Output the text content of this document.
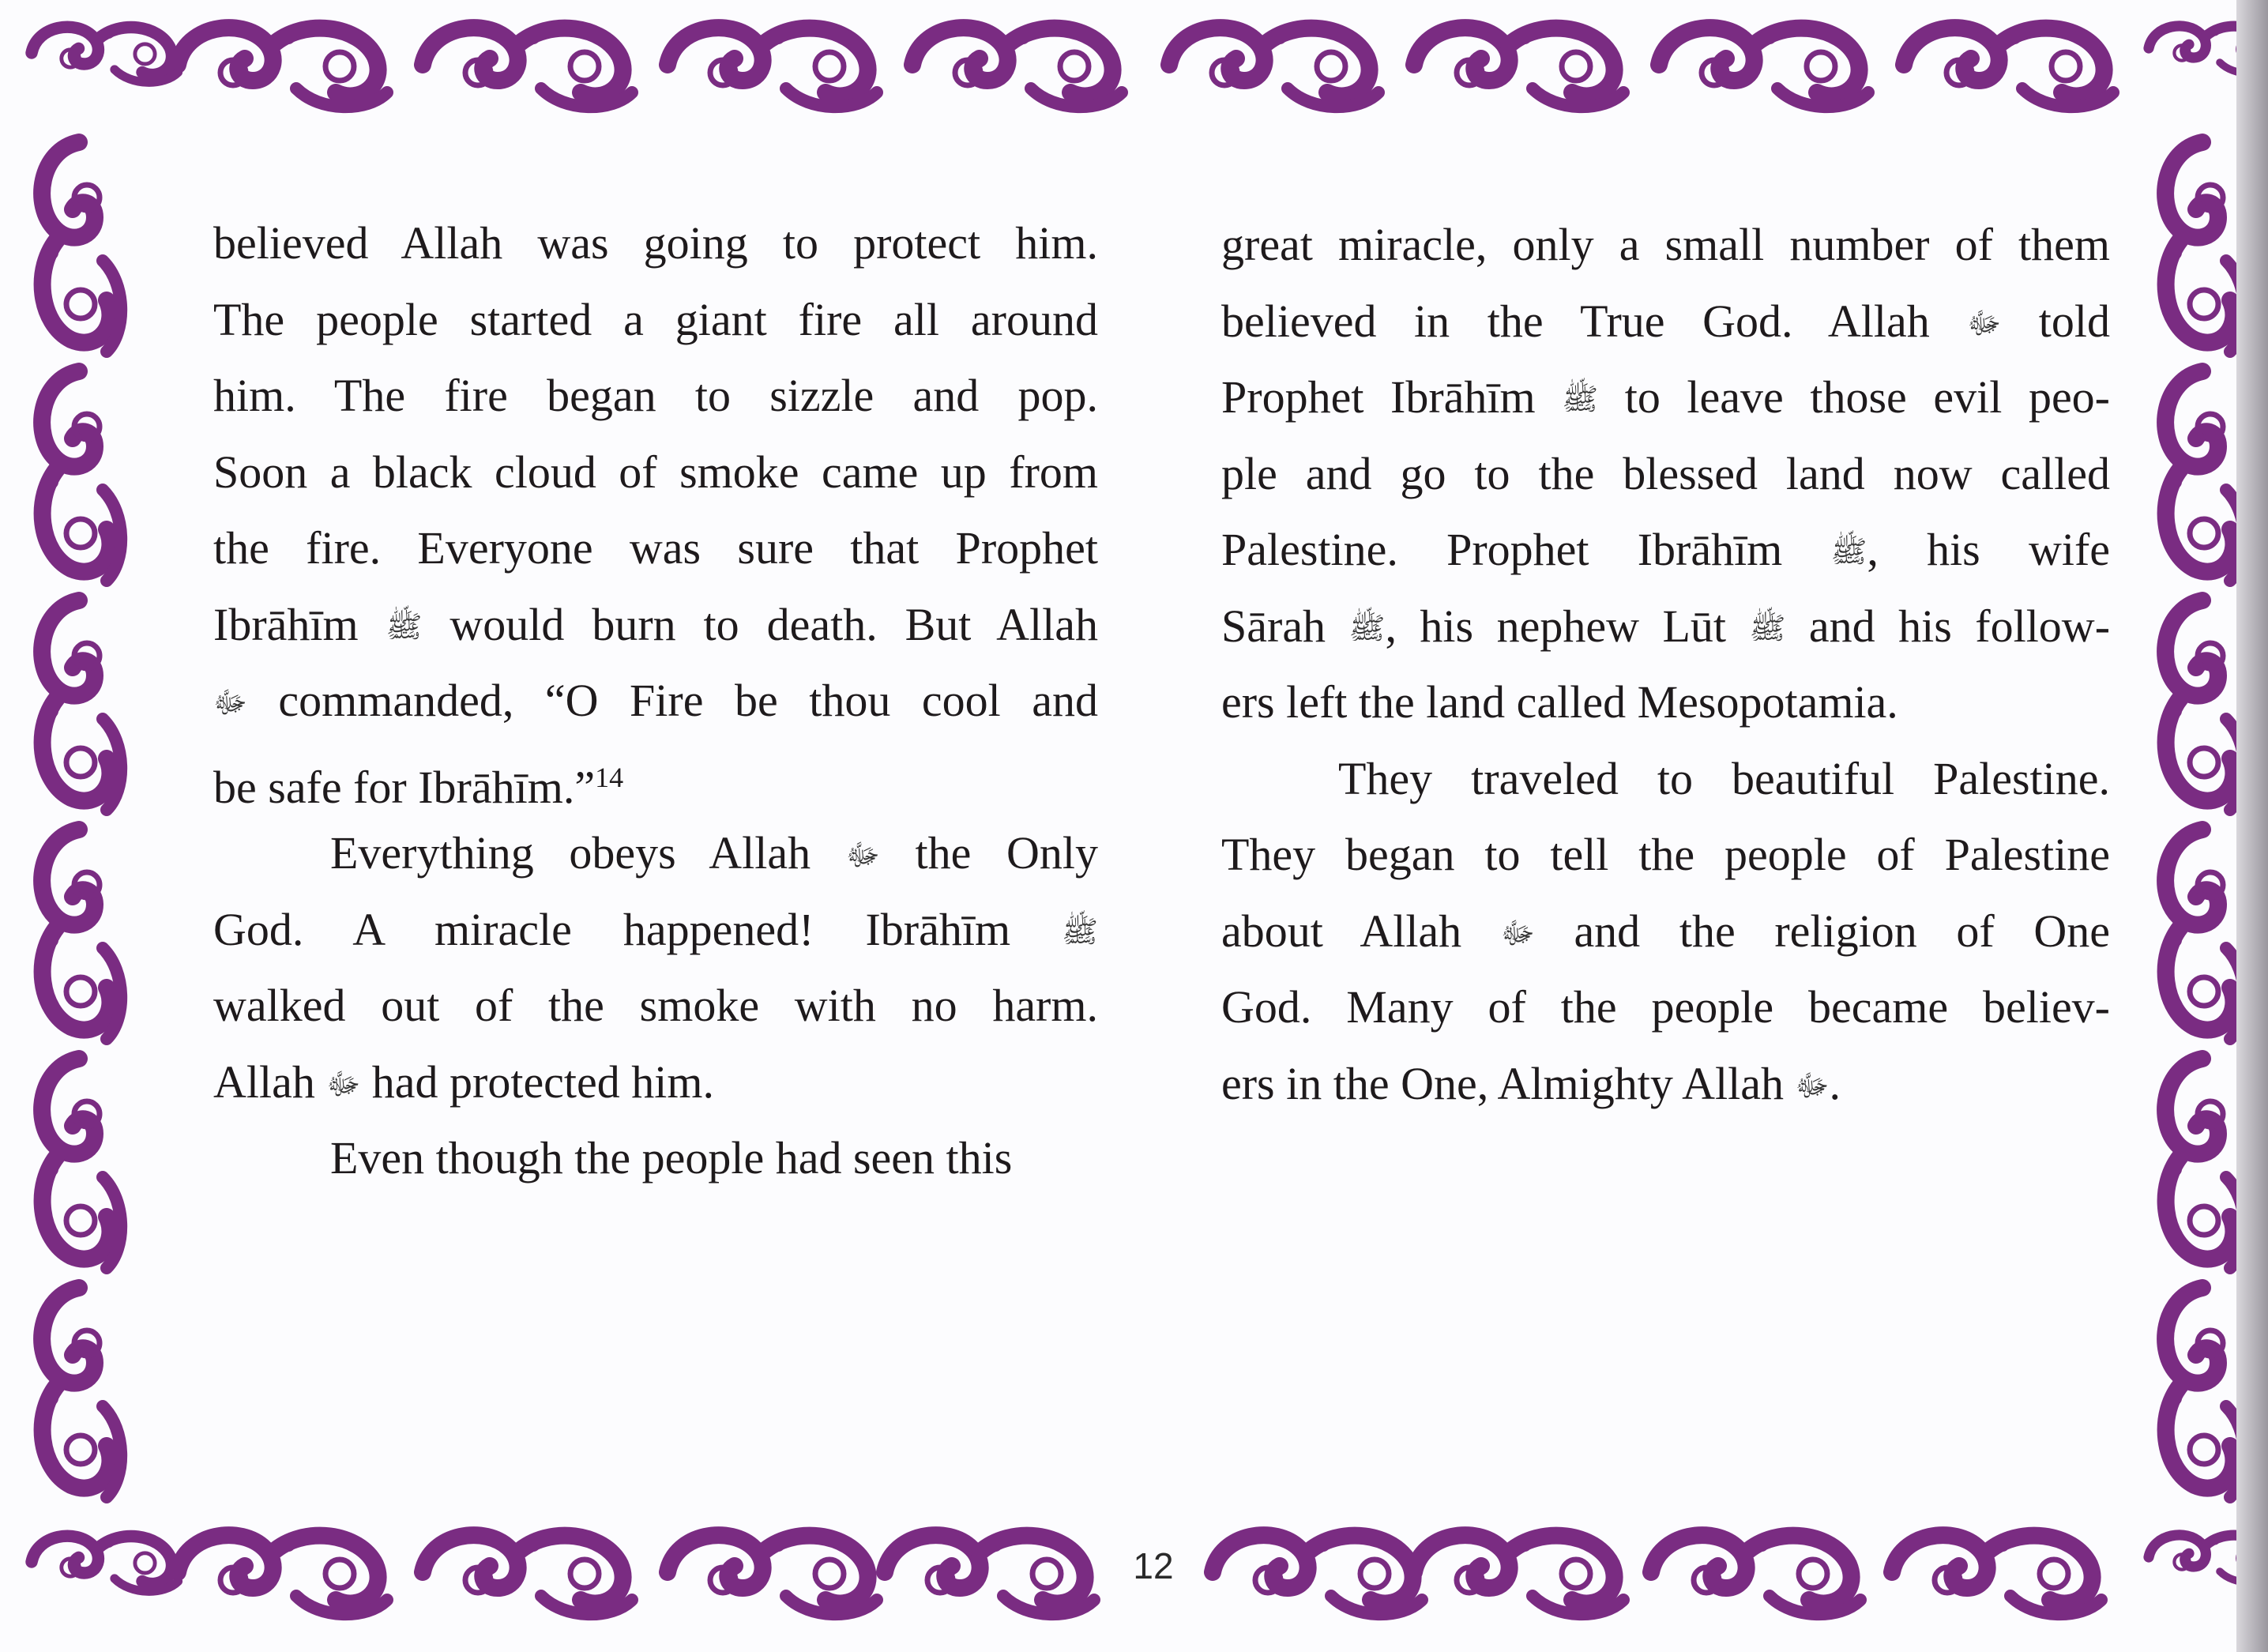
believed Allah was going to protect him.
The people started a giant fire all around
him. The fire began to sizzle and pop.
Soon a black cloud of smoke came up from
the fire. Everyone was sure that Prophet
Ibrāhīm ﷺ would burn to death. But Allah
ﷻ commanded, “O Fire be thou cool and
be safe for Ibrāhīm.”$^{14}$
Everything obeys Allah ﷻ the Only
God. A miracle happened! Ibrāhīm ﷺ
walked out of the smoke with no harm.
Allah ﷻ had protected him.
Even though the people had seen this
great miracle, only a small number of them
believed in the True God. Allah ﷻ told
Prophet Ibrāhīm ﷺ to leave those evil peo-
ple and go to the blessed land now called
Palestine. Prophet Ibrāhīm ﷺ, his wife
Sārah ﷺ, his nephew Lūt ﷺ and his follow-
ers left the land called Mesopotamia.
They traveled to beautiful Palestine.
They began to tell the people of Palestine
about Allah ﷻ and the religion of One
God. Many of the people became believ-
ers in the One, Almighty Allah ﷻ.
12
